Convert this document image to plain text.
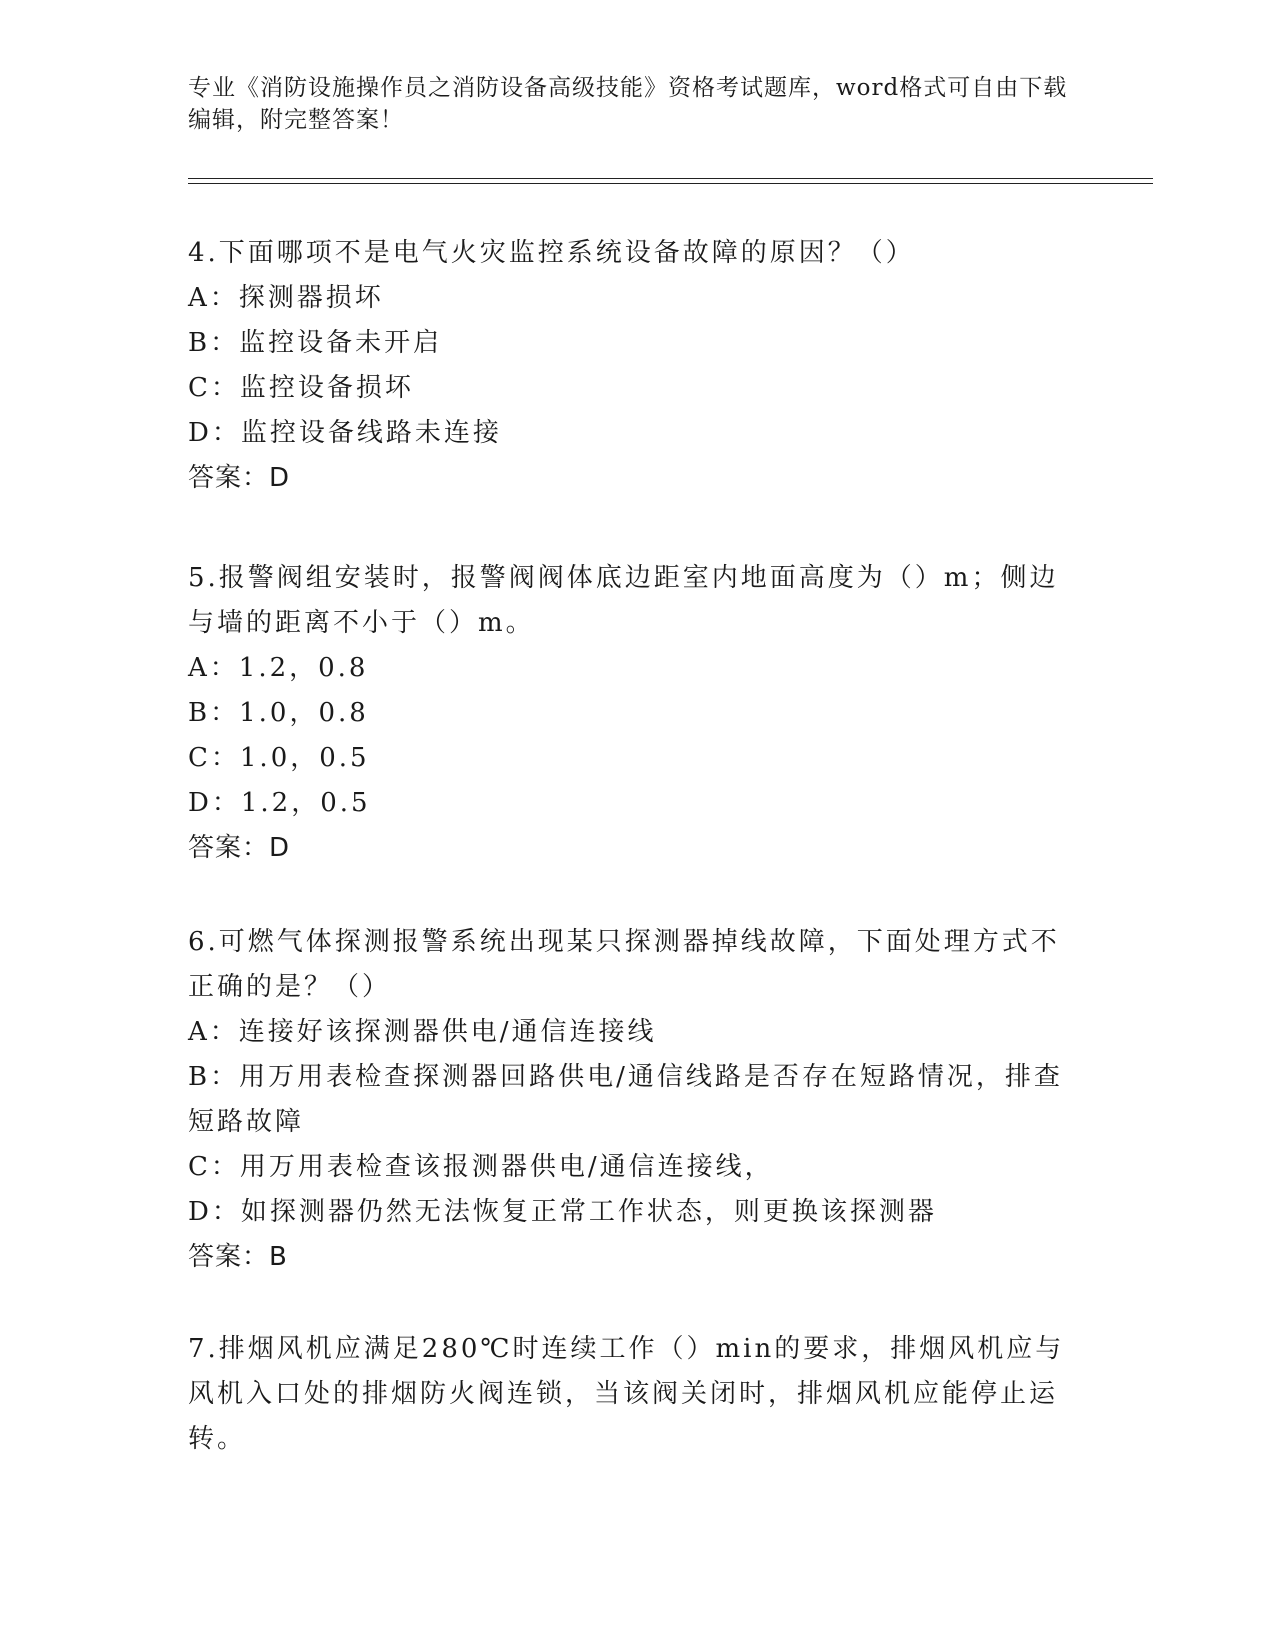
专业《消防设施操作员之消防设备高级技能》资格考试题库，word格式可自由下载编辑，附完整答案！
4.下面哪项不是电气火灾监控系统设备故障的原因？（）
A：探测器损坏
B：监控设备未开启
C：监控设备损坏
D：监控设备线路未连接
答案：D
5.报警阀组安装时，报警阀阀体底边距室内地面高度为（）m；侧边与墙的距离不小于（）m。
A：1.2，0.8
B：1.0，0.8
C：1.0，0.5
D：1.2，0.5
答案：D
6.可燃气体探测报警系统出现某只探测器掉线故障，下面处理方式不正确的是？（）
A：连接好该探测器供电/通信连接线
B：用万用表检查探测器回路供电/通信线路是否存在短路情况，排查短路故障
C：用万用表检查该报测器供电/通信连接线，
D：如探测器仍然无法恢复正常工作状态，则更换该探测器
答案：B
7.排烟风机应满足280℃时连续工作（）min的要求，排烟风机应与风机入口处的排烟防火阀连锁，当该阀关闭时，排烟风机应能停止运转。
